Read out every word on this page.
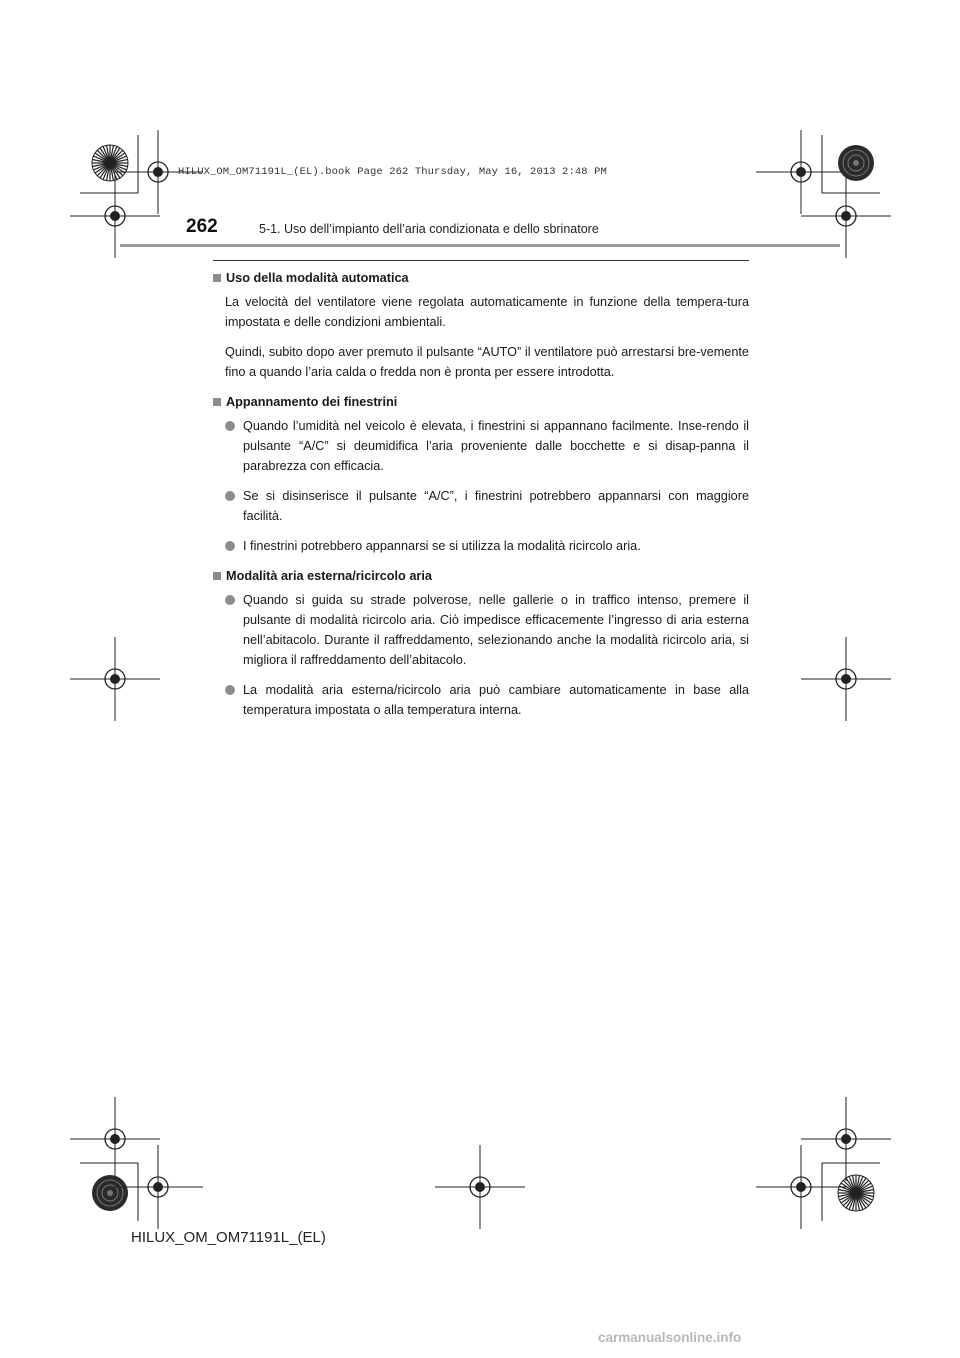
HILUX_OM_OM71191L_(EL).book Page 262 Thursday, May 16, 2013 2:48 PM
262	5-1. Uso dell’impianto dell’aria condizionata e dello sbrinatore
Uso della modalità automatica
La velocità del ventilatore viene regolata automaticamente in funzione della tempera-tura impostata e delle condizioni ambientali.
Quindi, subito dopo aver premuto il pulsante “AUTO” il ventilatore può arrestarsi bre-vemente fino a quando l’aria calda o fredda non è pronta per essere introdotta.
Appannamento dei finestrini
Quando l’umidità nel veicolo è elevata, i finestrini si appannano facilmente. Inse-rendo il pulsante “A/C” si deumidifica l’aria proveniente dalle bocchette e si disap-panna il parabrezza con efficacia.
Se si disinserisce il pulsante “A/C”, i finestrini potrebbero appannarsi con maggiore facilità.
I finestrini potrebbero appannarsi se si utilizza la modalità ricircolo aria.
Modalità aria esterna/ricircolo aria
Quando si guida su strade polverose, nelle gallerie o in traffico intenso, premere il pulsante di modalità ricircolo aria. Ciò impedisce efficacemente l’ingresso di aria esterna nell’abitacolo. Durante il raffreddamento, selezionando anche la modalità ricircolo aria, si migliora il raffreddamento dell’abitacolo.
La modalità aria esterna/ricircolo aria può cambiare automaticamente in base alla temperatura impostata o alla temperatura interna.
HILUX_OM_OM71191L_(EL)
carmanualsonline.info
